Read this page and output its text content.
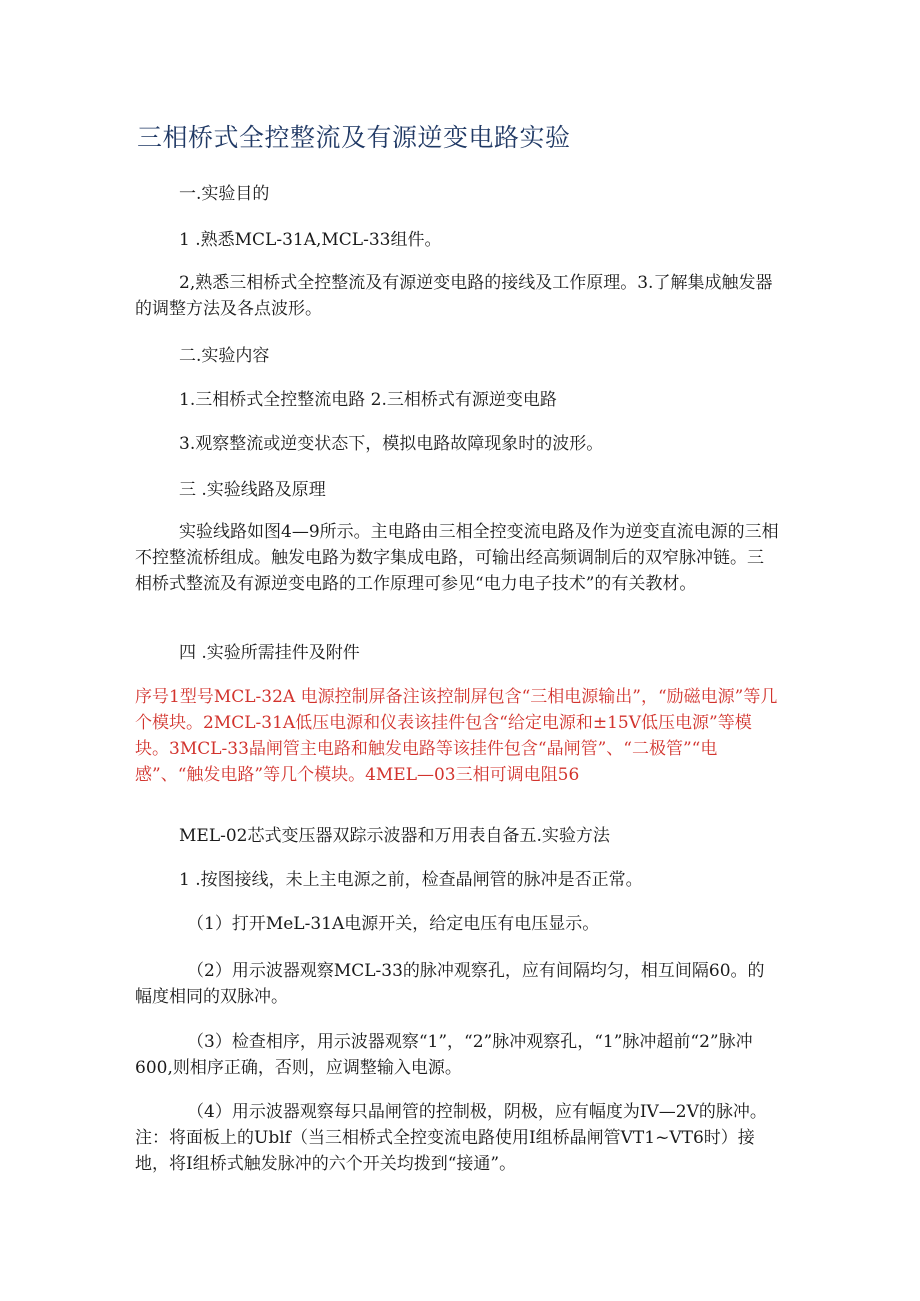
三相桥式全控整流及有源逆变电路实验

一.实验目的

1 .熟悉MCL-31A,MCL-33组件。

2,熟悉三相桥式全控整流及有源逆变电路的接线及工作原理。3.了解集成触发器的调整方法及各点波形。

二.实验内容

1.三相桥式全控整流电路 2.三相桥式有源逆变电路

3.观察整流或逆变状态下，模拟电路故障现象时的波形。

三 .实验线路及原理

实验线路如图4—9所示。主电路由三相全控变流电路及作为逆变直流电源的三相不控整流桥组成。触发电路为数字集成电路，可输出经高频调制后的双窄脉冲链。三相桥式整流及有源逆变电路的工作原理可参见“电力电子技术”的有关教材。

四 .实验所需挂件及附件

序号1型号MCL-32A 电源控制屏备注该控制屏包含“三相电源输出”，“励磁电源”等几个模块。2MCL-31A低压电源和仪表该挂件包含“给定电源和±15V低压电源”等模块。3MCL-33晶闸管主电路和触发电路等该挂件包含“晶闸管”、“二极管”“电感”、“触发电路”等几个模块。4MEL—03三相可调电阻56

MEL-02芯式变压器双踪示波器和万用表自备五.实验方法

1 .按图接线，未上主电源之前，检查晶闸管的脉冲是否正常。

（1）打开MeL-31A电源开关，给定电压有电压显示。

（2）用示波器观察MCL-33的脉冲观察孔，应有间隔均匀，相互间隔60。的幅度相同的双脉冲。

（3）检查相序，用示波器观察“1”，“2”脉冲观察孔，“1”脉冲超前“2”脉冲600,则相序正确，否则，应调整输入电源。

（4）用示波器观察每只晶闸管的控制极，阴极，应有幅度为IV—2V的脉冲。注：将面板上的Ublf（当三相桥式全控变流电路使用I组桥晶闸管VT1~VT6时）接地，将I组桥式触发脉冲的六个开关均拨到“接通”。
